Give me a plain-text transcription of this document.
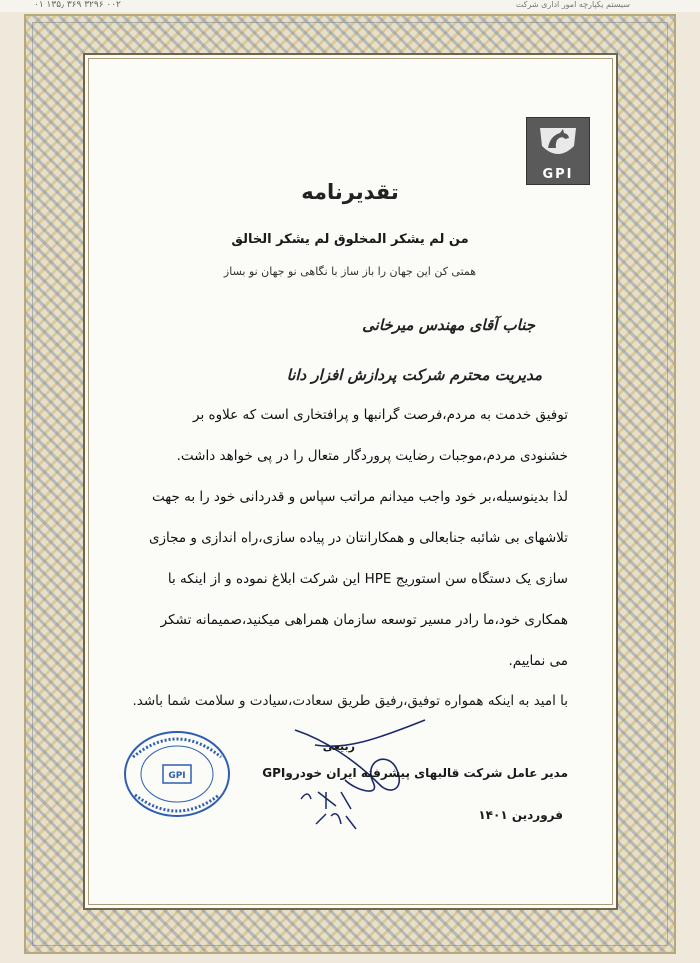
۰۱ ۱۳۵٫ ۳۶۹ ۳۲۹۶ ۰۰۲	سیستم ‌یکپارچه‌ امور اداری ‌شرکت
GPI
تقدیرنامه
من لم یشکر المخلوق لم یشکر الخالق
همتی کن این جهان را باز ساز با نگاهی نو جهان نو بساز
جناب آقای مهندس میرخانی
مدیریت محترم شرکت پردازش افزار دانا
توفیق خدمت به مردم،فرصت گرانبها و پرافتخاری است که علاوه بر
خشنودی مردم،موجبات رضایت پروردگار متعال را در پی خواهد داشت.
لذا بدینوسیله،بر خود واجب میدانم مراتب سپاس و قدردانی خود را به جهت
تلاشهای بی شائبه جنابعالی و همکارانتان در پیاده سازی،راه اندازی و مجازی
سازی یک دستگاه سن استوریج HPE این شرکت ابلاغ نموده و از اینکه با
همکاری خود،ما رادر مسیر توسعه سازمان همراهی میکنید،صمیمانه تشکر
می نماییم.
با امید به اینکه همواره توفیق،رفیق طریق سعادت،سیادت و سلامت شما باشد.
ربیعی
مدیر عامل شرکت قالبهای پیشرفته ایران خودروGPI
فروردین ۱۴۰۱
GPI
